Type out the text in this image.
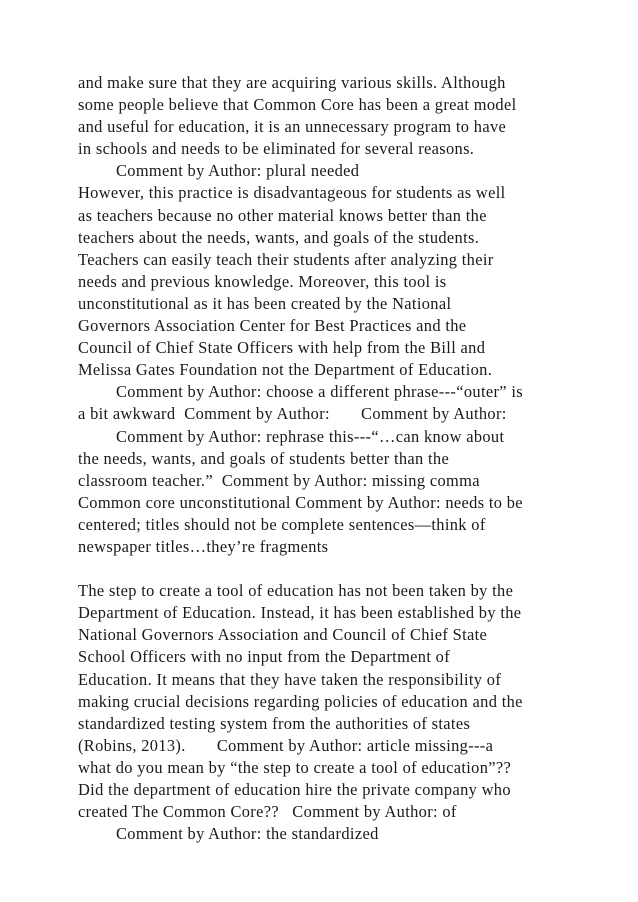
and make sure that they are acquiring various skills. Although
some people believe that Common Core has been a great model
and useful for education, it is an unnecessary program to have
in schools and needs to be eliminated for several reasons.
Comment by Author: plural needed
However, this practice is disadvantageous for students as well
as teachers because no other material knows better than the
teachers about the needs, wants, and goals of the students.
Teachers can easily teach their students after analyzing their
needs and previous knowledge. Moreover, this tool is
unconstitutional as it has been created by the National
Governors Association Center for Best Practices and the
Council of Chief State Officers with help from the Bill and
Melissa Gates Foundation not the Department of Education.
Comment by Author: choose a different phrase---“outer” is
a bit awkward  Comment by Author:       Comment by Author:
Comment by Author: rephrase this---“…can know about
the needs, wants, and goals of students better than the
classroom teacher.”  Comment by Author: missing comma
Common core unconstitutional Comment by Author: needs to be
centered; titles should not be complete sentences—think of
newspaper titles…they’re fragments
The step to create a tool of education has not been taken by the
Department of Education. Instead, it has been established by the
National Governors Association and Council of Chief State
School Officers with no input from the Department of
Education. It means that they have taken the responsibility of
making crucial decisions regarding policies of education and the
standardized testing system from the authorities of states
(Robins, 2013).       Comment by Author: article missing---a
what do you mean by “the step to create a tool of education”??
Did the department of education hire the private company who
created The Common Core??   Comment by Author: of
Comment by Author: the standardized
